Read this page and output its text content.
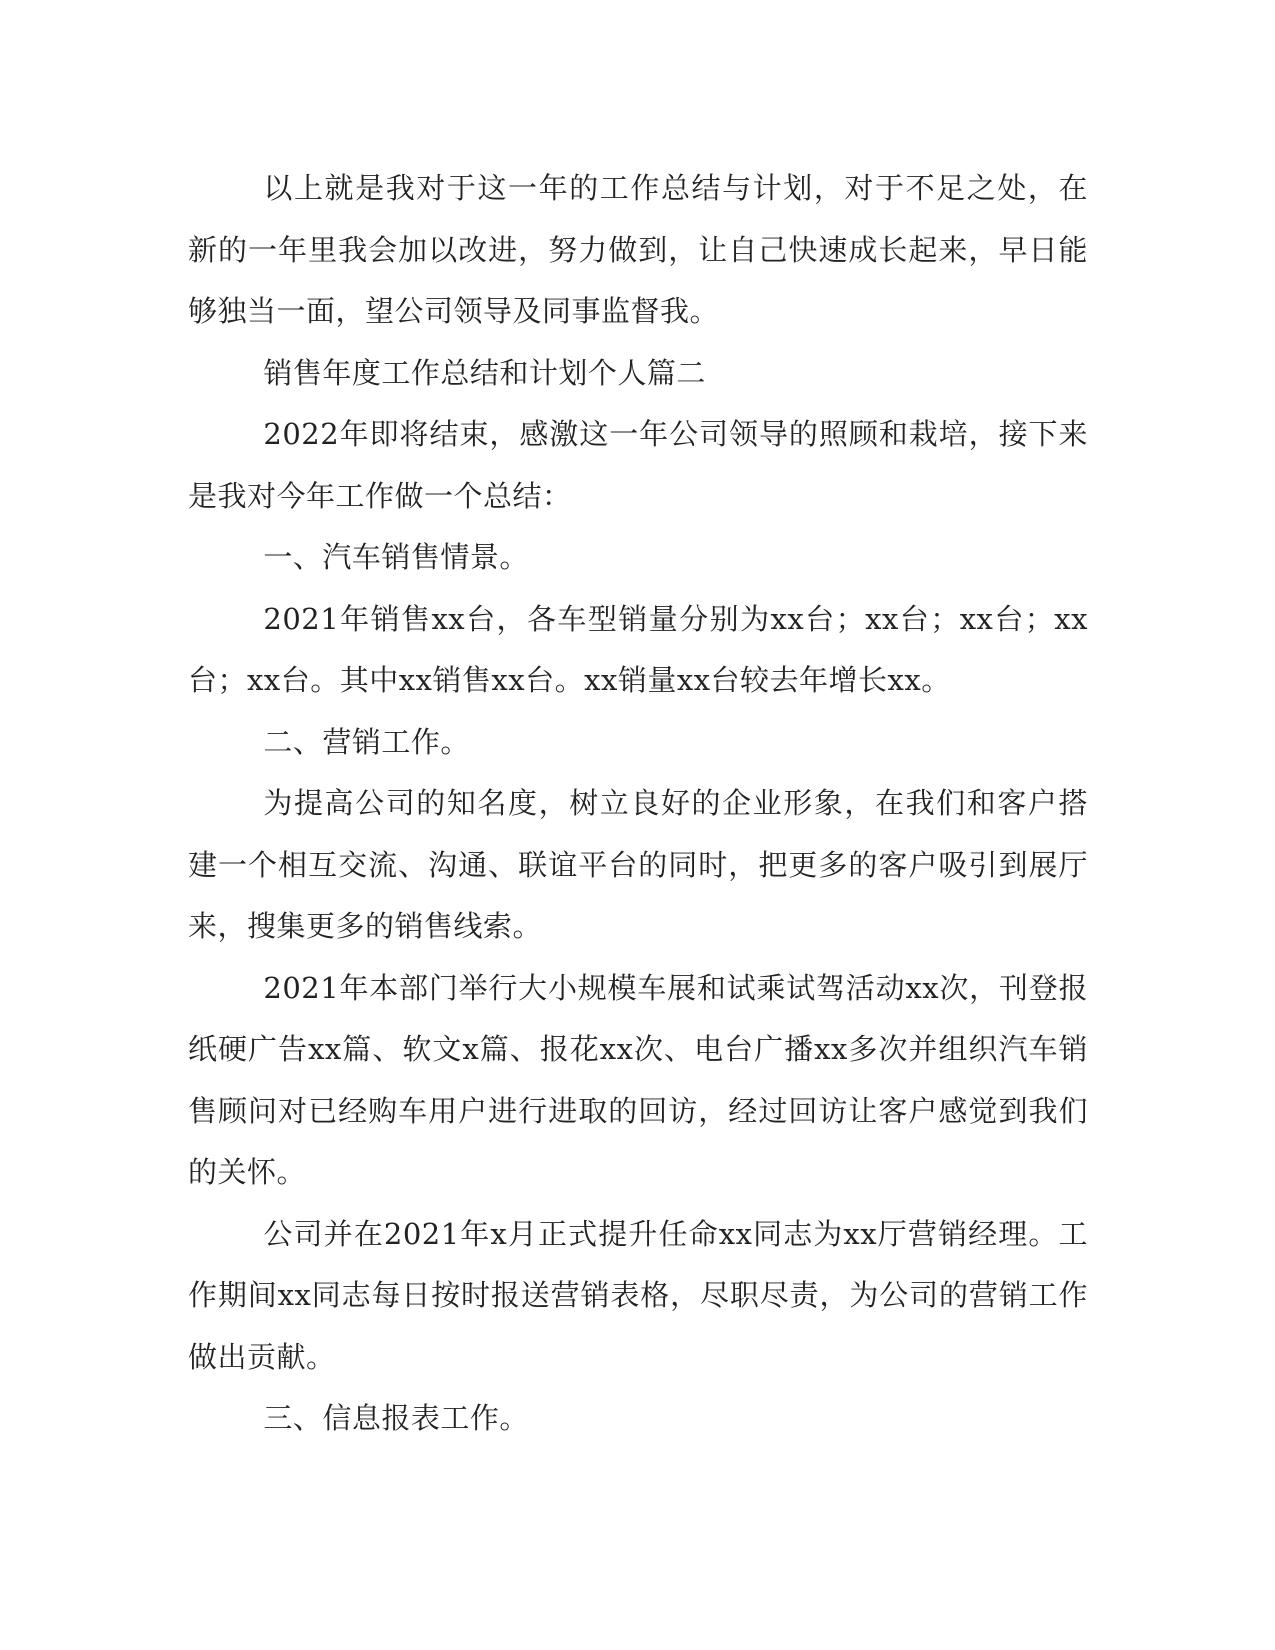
以上就是我对于这一年的工作总结与计划，对于不足之处，在新的一年里我会加以改进，努力做到，让自己快速成长起来，早日能够独当一面，望公司领导及同事监督我。

销售年度工作总结和计划个人篇二

2022年即将结束，感激这一年公司领导的照顾和栽培，接下来是我对今年工作做一个总结：

一、汽车销售情景。

2021年销售xx台，各车型销量分别为xx台；xx台；xx台；xx台；xx台。其中xx销售xx台。xx销量xx台较去年增长xx。

二、营销工作。

为提高公司的知名度，树立良好的企业形象，在我们和客户搭建一个相互交流、沟通、联谊平台的同时，把更多的客户吸引到展厅来，搜集更多的销售线索。

2021年本部门举行大小规模车展和试乘试驾活动xx次，刊登报纸硬广告xx篇、软文x篇、报花xx次、电台广播xx多次并组织汽车销售顾问对已经购车用户进行进取的回访，经过回访让客户感觉到我们的关怀。

公司并在2021年x月正式提升任命xx同志为xx厅营销经理。工作期间xx同志每日按时报送营销表格，尽职尽责，为公司的营销工作做出贡献。

三、信息报表工作。
